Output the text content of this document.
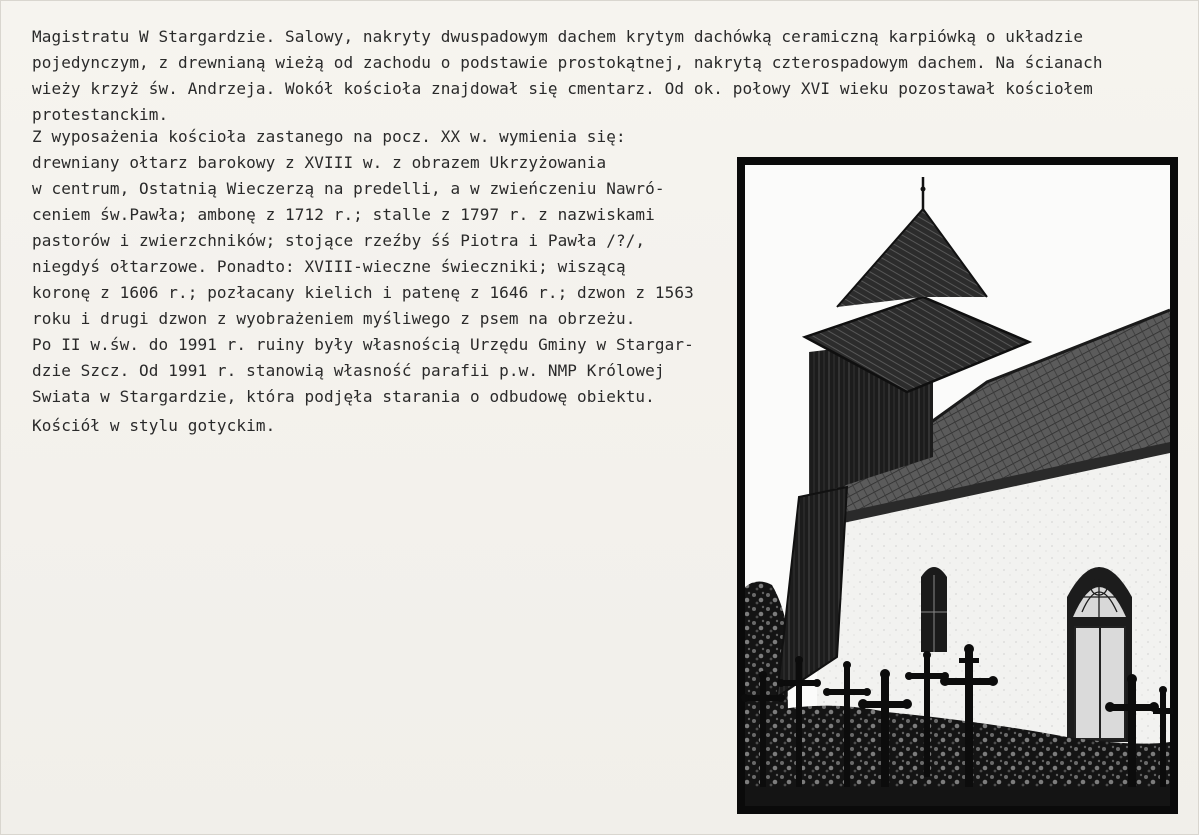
Magistratu W Stargardzie. Salowy, nakryty dwuspadowym dachem krytym dachówką ceramiczną karpiówką o układzie
pojedynczym, z drewnianą wieżą od zachodu o podstawie prostokątnej, nakrytą czterospadowym dachem. Na ścianach
wieży krzyż św. Andrzeja. Wokół kościoła znajdował się cmentarz. Od ok. połowy XVI wieku pozostawał kościołem
protestanckim.
Z wyposażenia kościoła zastanego na pocz. XX w. wymienia się:
drewniany ołtarz barokowy z XVIII w. z obrazem Ukrzyżowania
w centrum, Ostatnią Wieczerzą na predelli, a w zwieńczeniu Nawró-
ceniem św.Pawła; ambonę z 1712 r.; stalle z 1797 r. z nazwiskami
pastorów i zwierzchników; stojące rzeźby śś Piotra i Pawła /?/,
niegdyś ołtarzowe. Ponadto: XVIII-wieczne świeczniki; wiszącą
koronę z 1606 r.; pozłacany kielich i patenę z 1646 r.; dzwon z 1563
roku i drugi dzwon z wyobrażeniem myśliwego z psem na obrzeżu.
Po II w.św. do 1991 r. ruiny były własnością Urzędu Gminy w Stargar-
dzie Szcz. Od 1991 r. stanowią własność parafii p.w. NMP Królowej
Swiata w Stargardzie, która podjęła starania o odbudowę obiektu.
Kościół w stylu gotyckim.
